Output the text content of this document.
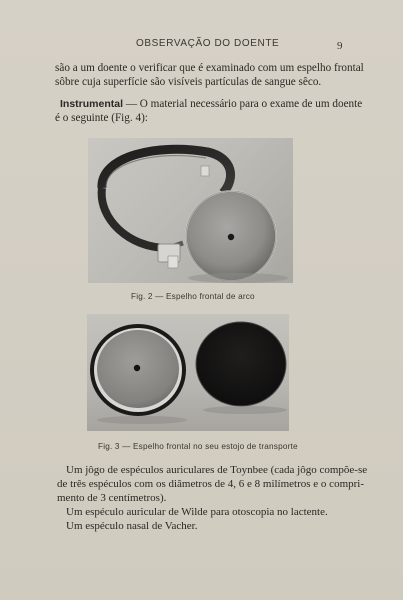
OBSERVAÇÃO DO DOENTE	9
são a um doente o verificar que é examinado com um espelho frontal
sôbre cuja superfície são visíveis partículas de sangue sêco.
Instrumental — O material necessário para o exame de um doente
é o seguinte (Fig. 4):
Fig. 2 — Espelho frontal de arco
Fig. 3 — Espelho frontal no seu estojo de transporte
Um jôgo de espéculos auriculares de Toynbee (cada jôgo compõe-se
de três espéculos com os diâmetros de 4, 6 e 8 milímetros e o compri-
mento de 3 centímetros).
Um espéculo auricular de Wilde para otoscopia no lactente.
Um espéculo nasal de Vacher.
